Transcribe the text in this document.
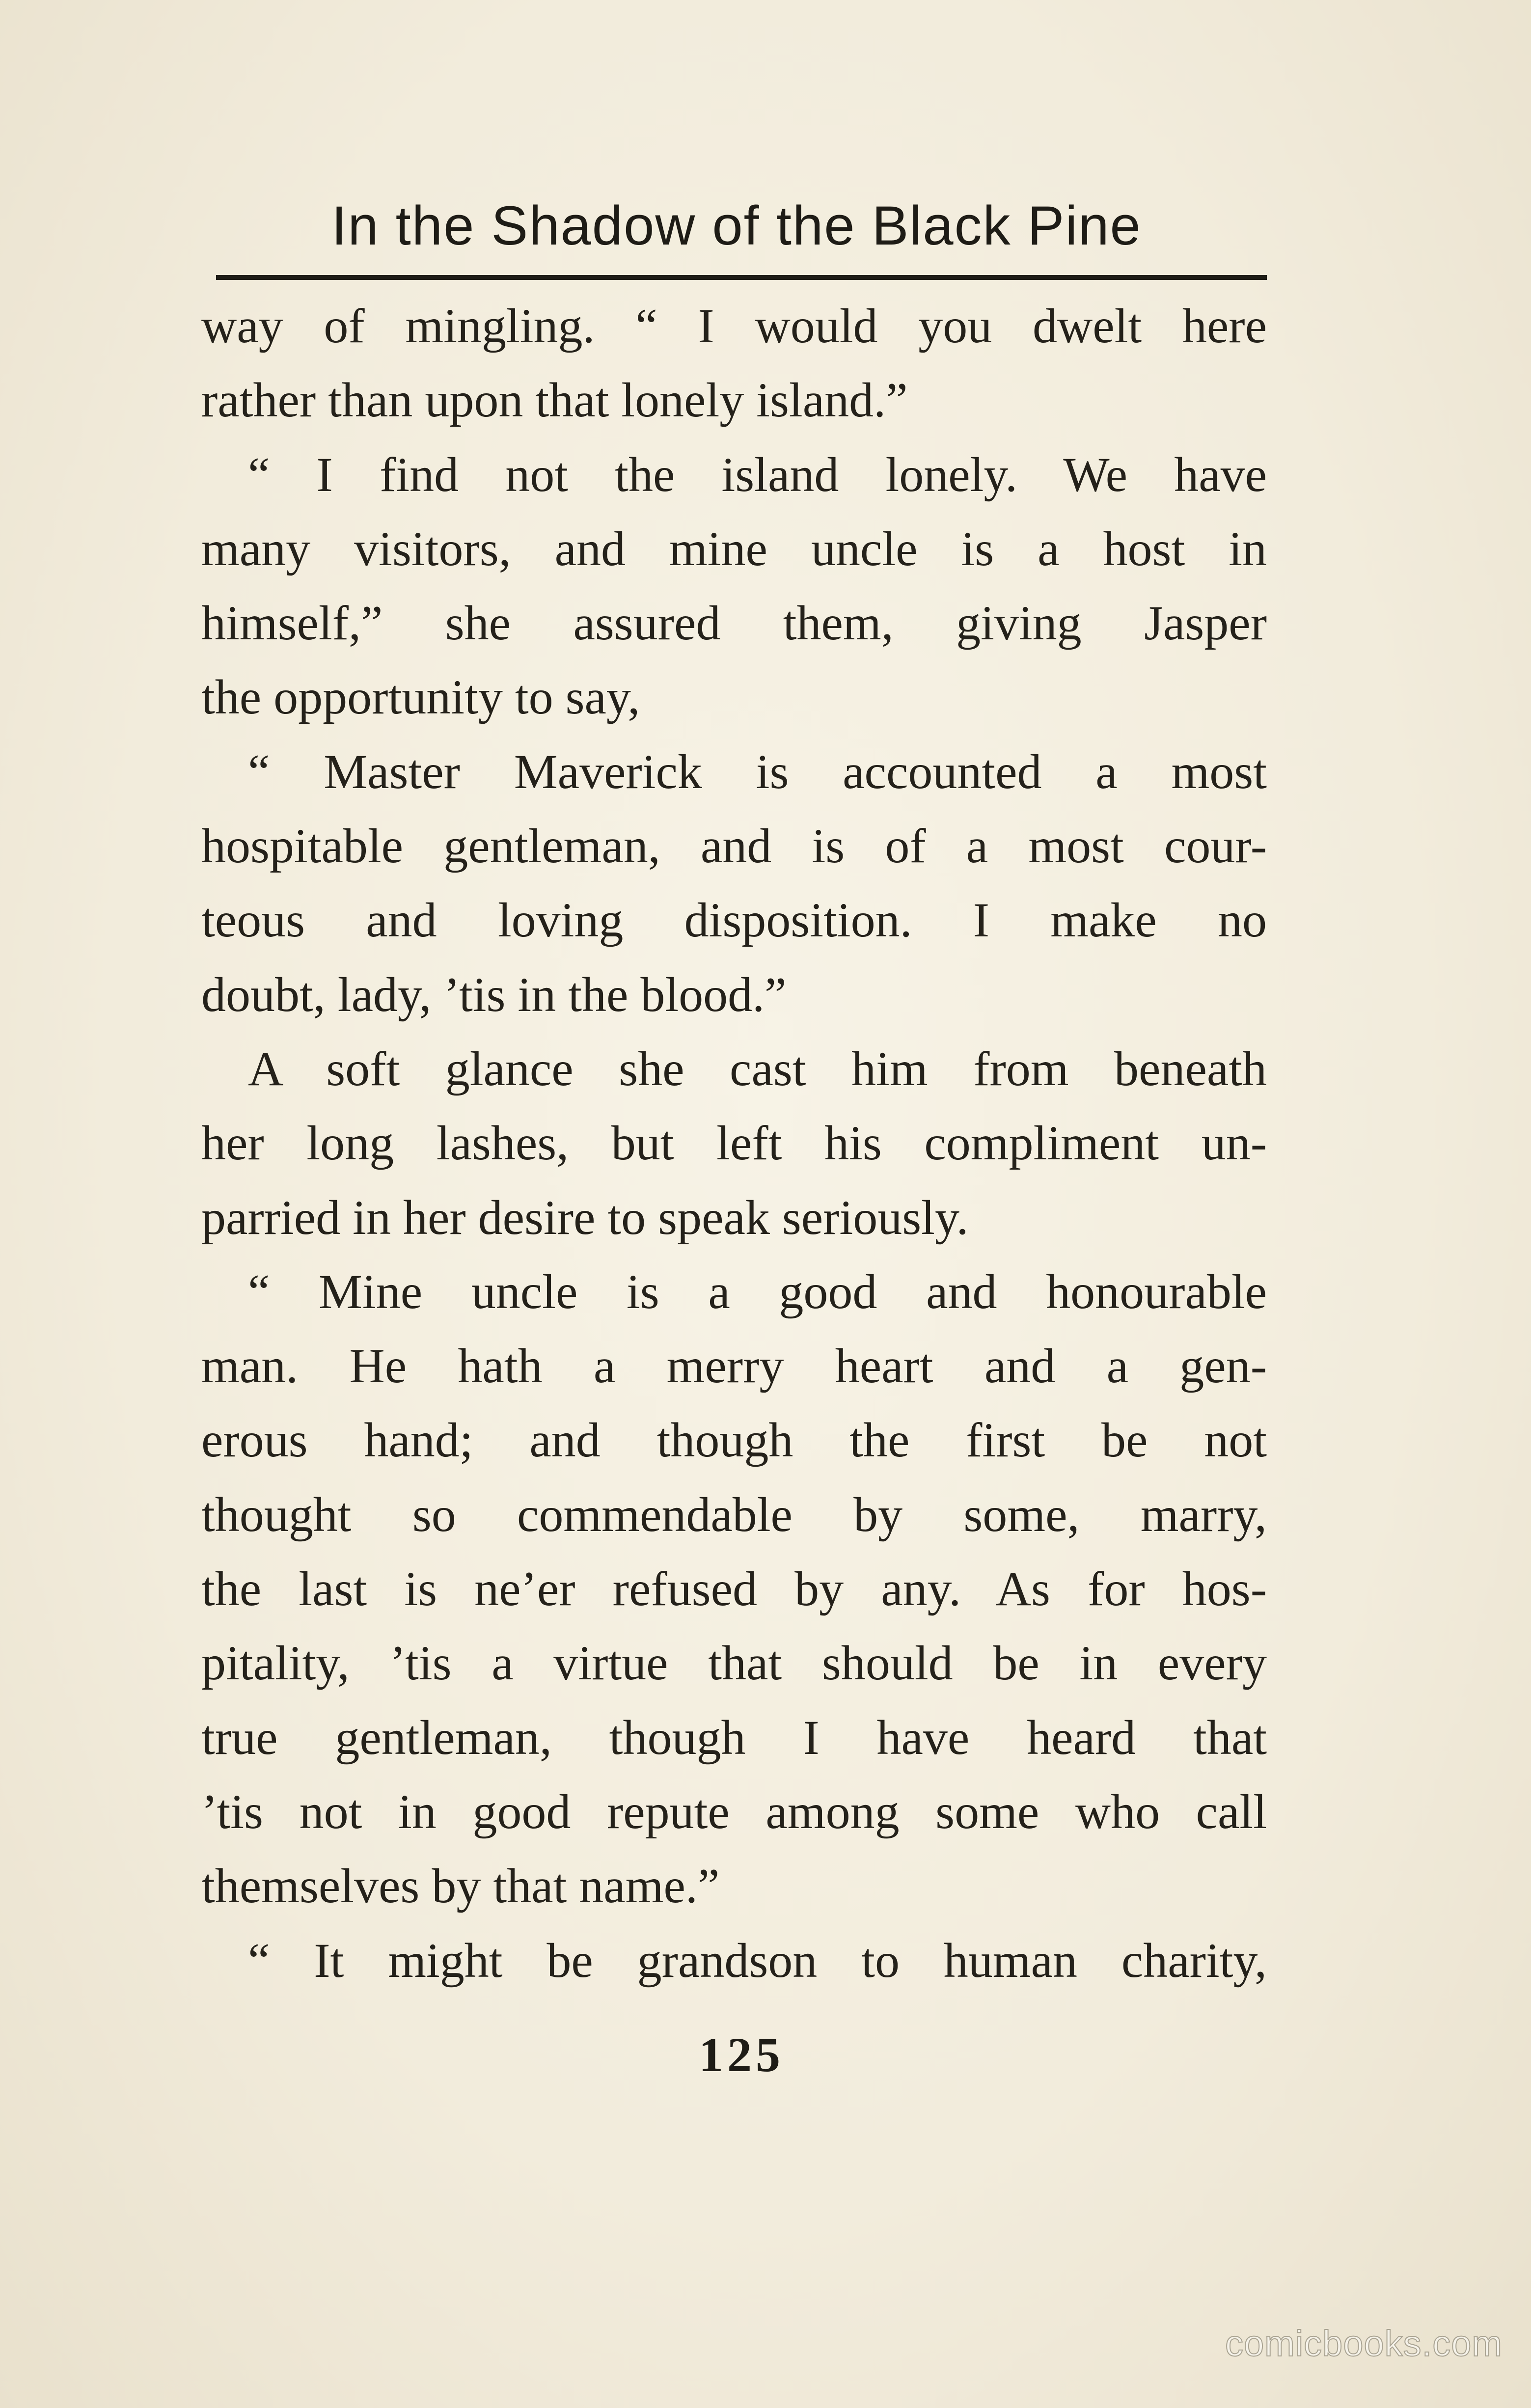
In the Shadow of the Black Pine
way of mingling. “ I would you dwelt here
rather than upon that lonely island.”
“ I find not the island lonely. We have
many visitors, and mine uncle is a host in
himself,” she assured them, giving Jasper
the opportunity to say,
“ Master Maverick is accounted a most
hospitable gentleman, and is of a most cour-
teous and loving disposition. I make no
doubt, lady, ’tis in the blood.”
A soft glance she cast him from beneath
her long lashes, but left his compliment un-
parried in her desire to speak seriously.
“ Mine uncle is a good and honourable
man. He hath a merry heart and a gen-
erous hand; and though the first be not
thought so commendable by some, marry,
the last is ne’er refused by any. As for hos-
pitality, ’tis a virtue that should be in every
true gentleman, though I have heard that
’tis not in good repute among some who call
themselves by that name.”
“ It might be grandson to human charity,
125
comicbooks.com
